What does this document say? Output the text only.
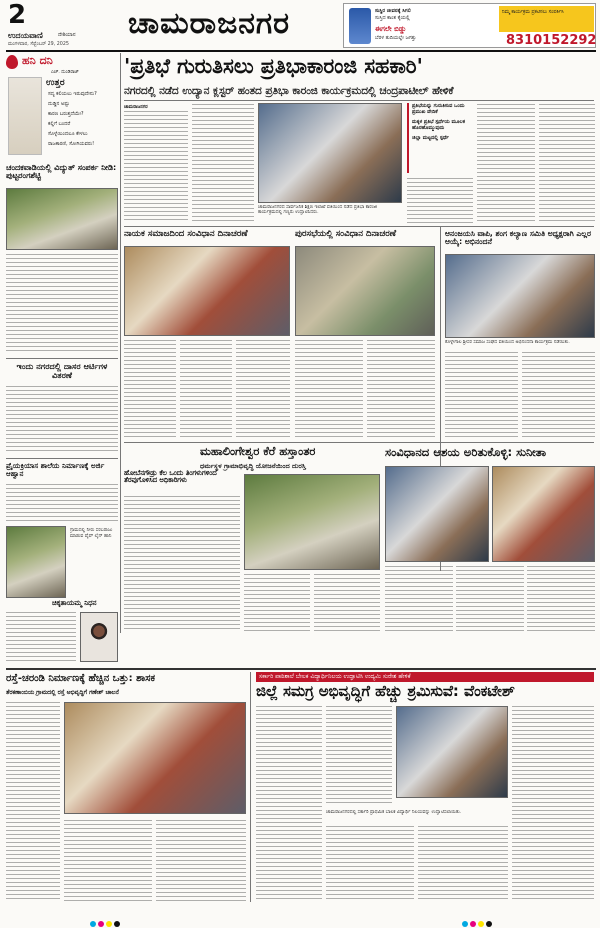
2
ಉದಯವಾಣಿ	ದೇಶಿಯಾನ
ಮಂಗಳವಾರ, ಸೆಪ್ಟೆಂಬರ್ 29, 2025
ಚಾಮರಾಜನಗರ	ಸುಸ್ಥಿರ ಜೀವನಕ್ಕೆ ಸಿಗಲಿ
ಸುಸ್ತಿದ ಕಾಂತ ಕೈಯಲ್ಲಿ
ಈಗಲೇ ಬಿಡ್ಡು
ಬೆರಳ ತುದಿಯಲ್ಲೇ ಜಗತ್ತು
ನಿಮ್ಮ ಕಾರ್ಯಕ್ರಮ ಪ್ರಕಟಿಸಲು ಸಂಪರ್ಕಿಸಿ
8310152292
ಹನಿ ದನಿ
ಎಚ್. ದುಂಡಿರಾಜ್
ಉತ್ತರ
ಸದ್ಯ ಕಲಿಯಲು ಇರುವುದೇನು?
ದುಡ್ಡಿನ ಅಷ್ಟು
ಕಾರಣ ಬರುತ್ತದೆಯೇ?
ಕಲ್ಲಿಗೆ ಬಂದರೆ
ಸೊಳ್ಳೆಯಿಂದಲೂ ಕೇಳಲು
ರಾಜಕಾರಣಿ, ಸೋಗಿಯವರು!
'ಪ್ರತಿಭೆ ಗುರುತಿಸಲು ಪ್ರತಿಭಾಕಾರಂಜಿ ಸಹಕಾರಿ'
ನಗರದಲ್ಲಿ ನಡೆದ ಉದ್ಯಾನ ಕ್ಲಸ್ಟರ್ ಹಂತದ ಪ್ರತಿಭಾ ಕಾರಂಜಿ ಕಾರ್ಯಕ್ರಮದಲ್ಲಿ ಚಂದ್ರಪಾಟೀಲ್ ಹೇಳಿಕೆ
ಚಾಮರಾಜನಗರ
ಚಾಮರಾಜನಗರದ ಸಾರ್ವಜನಿಕ ಶಿಕ್ಷಣ ಇಲಾಖೆ ವತಿಯಿಂದ ನಡೆದ ಪ್ರತಿಭಾ ಕಾರಂಜಿ ಕಾರ್ಯಕ್ರಮದಲ್ಲಿ ಗಣ್ಯರು ಉದ್ಘಾಟಿಸಿದರು.
ಪ್ರತಿಭೆಯನ್ನು ಗುರುತಿಸುವ ಒಂದು ಪ್ರಮುಖ ವೇದಿಕೆ
ಮಕ್ಕಳ ಪ್ರತಿಭೆ ಸ್ಪರ್ಧೆಯ ಮೂಲಕ ಹೊರಹೊಮ್ಮುವುದು
ಜಿಲ್ಲಾ ಮಟ್ಟದಲ್ಲಿ ಸ್ಪರ್ಧೆ
ಚಂದಕವಾಡಿಯಲ್ಲಿ ವಿದ್ಯುತ್ ಸಂಪರ್ಕ ನೀಡಿ: ಪುಟ್ಟರಂಗಶೆಟ್ಟಿ
ಇಂದು ನಗರದಲ್ಲಿ ದಾಸರ ಆರ್ಟಿಗಳ ವಿತರಣೆ
ಪ್ರೈಯಕ್ರಿಯಾಸ ಶಾಲೆಯ ನಿರ್ಮಾಣಕ್ಕೆ ಅರ್ಜಿ ಆಹ್ವಾನ
ಗ್ರಾಮದಲ್ಲಿ ನೀರು ಸರಬರಾಜು ಮಾಡುವ ಪೈಪ್ ಲೈನ್ ಹಾನಿ
ಚಿಕ್ಕತಾಯಮ್ಮ ನಿಧನ
ನಾಯಕ ಸಮಾಜದಿಂದ ಸಂವಿಧಾನ ದಿನಾಚರಣೆ	ಪುರಸಭೆಯಲ್ಲಿ ಸಂವಿಧಾನ ದಿನಾಚರಣೆ	ಆನಂಜಯಸಿ ವಾಪಿ, ಶಂಗ ಕಲ್ಯಾಣ ಸಮಿತಿ ಅಧ್ಯಕ್ಷರಾಗಿ ಎಲ್ಲರ ಆಯ್ಕೆ: ಅಭಿನಂದನೆ
ಕೊಳ್ಳೇಗಾಲ ಶ್ರೀಸರ ಸಮಾಜ ಸಂಘದ ವತಿಯಿಂದ ಅಭಿನಂದನಾ ಕಾರ್ಯಕ್ರಮ ನಡೆಯಿತು.
ಹೋಬೆನಗೌಡ್ರು ಕೆಲ ಒಂದು ತಿಂಗಳುಗಳಿಂದ ತೆರವುಗೊಳಿಸಿದ ಅಧಿಕಾರಿಗಳು
ಮಹಾಲಿಂಗೇಶ್ವರ ಕೆರೆ ಹಸ್ತಾಂತರ
ಧರ್ಮಸ್ಥಳ ಗ್ರಾಮಾಭಿವೃದ್ಧಿ ಯೋಜನೆಯಿಂದ ದುರಸ್ತಿ
ಸಂವಿಧಾನದ ಆಶಯ ಅರಿತುಕೊಳ್ಳಿ: ಸುನೀತಾ
ರಸ್ತೆ-ಚರಂಡಿ ನಿರ್ಮಾಣಕ್ಕೆ ಹೆಚ್ಚಿನ ಒತ್ತು: ಶಾಸಕ
ತೆರಕಣಾಂಬಿಯ ಗ್ರಾಮದಲ್ಲಿ ರಸ್ತೆ ಅಭಿವೃದ್ಧಿಗೆ ಗಣೇಶ್ ಚಾಲನೆ
ಸರ್ಕಾರಿ ಪಾಠಿಶಾಲೆ ಬೇಲಕ ವಿದ್ಯಾರ್ಥಿನಿಲಯ ಉದ್ಘಾಟಿಸಿ ಉದ್ಯಮಿ ಸುರೇಶ ಹೇಳಿಕೆ
ಜಿಲ್ಲೆ ಸಮಗ್ರ ಅಭಿವೃದ್ಧಿಗೆ ಹೆಚ್ಚು ಶ್ರಮಿಸುವೆ: ವೆಂಕಟೇಶ್
ಚಾಮರಾಜನಗರದಲ್ಲಿ ಸರ್ಕಾರಿ ಪ್ರಾಥಮಿಕ ಬಾಲಕ ವಿದ್ಯಾರ್ಥಿ ನಿಲಯವನ್ನು ಉದ್ಘಾಟಿಸಲಾಯಿತು.
